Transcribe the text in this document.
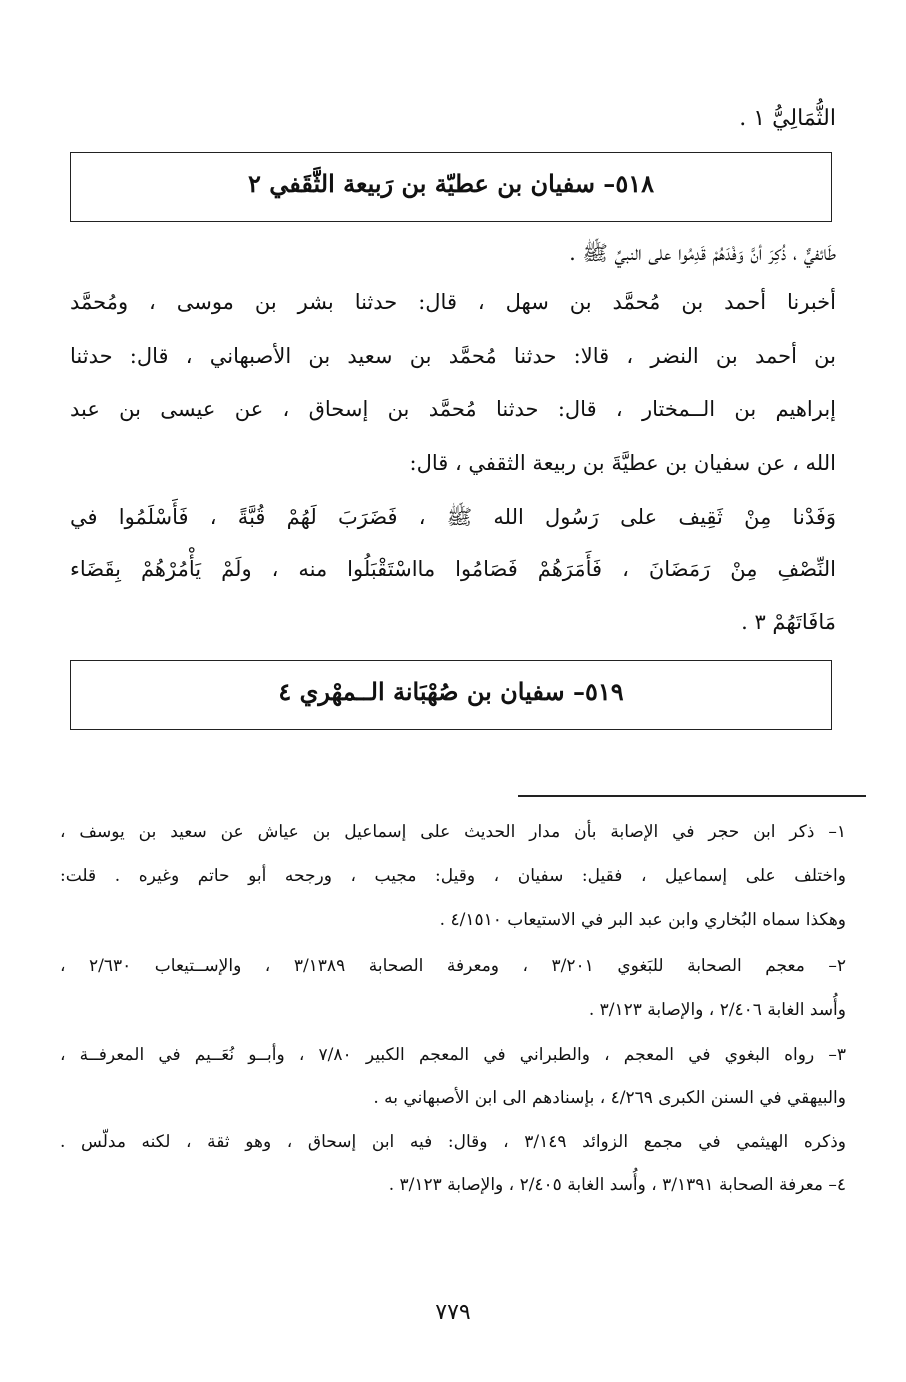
الثُّمَالِيُّ ١ .
٥١٨– سفيان بن عطيّة بن رَبيعة الثَّقَفي ٢
طَائفيٌّ ، ذُكِرَ أنَّ وَفْدَهُمْ قَدِمُوا على النبيِّ ﷺ .
أخبرنا أحمد بن مُحمَّد بن سهل ، قال: حدثنا بشر بن موسى ، ومُحمَّد
بن أحمد بن النضر ، قالا: حدثنا مُحمَّد بن سعيد بن الأصبهاني ، قال: حدثنا
إبراهيم بن الــمختار ، قال: حدثنا مُحمَّد بن إسحاق ، عن عيسى بن عبد
الله ، عن سفيان بن عطيَّةَ بن ربيعة الثقفي ، قال:
وَفَدْنا مِنْ ثَقِيف على رَسُول الله ﷺ ، فَضَرَبَ لَهُمْ قُبَّةً ، فَأَسْلَمُوا في
النِّصْفِ مِنْ رَمَضَانَ ، فَأَمَرَهُمْ فَصَامُوا مااسْتَقْبَلُوا منه ، ولَمْ يَأْمُرْهُمْ بِقَضَاء
مَافَاتَهُمْ ٣ .
٥١٩– سفيان بن صُهْبَانة الــمهْري ٤
١– ذكر ابن حجر في الإصابة بأن مدار الحديث على إسماعيل بن عياش عن سعيد بن يوسف ،
واختلف على إسماعيل ، فقيل: سفيان ، وقيل: مجيب ، ورجحه أبو حاتم وغيره . قلت:
وهكذا سماه البُخاري وابن عبد البر في الاستيعاب ٤/١٥١٠ .
٢– معجم الصحابة للبَغوي ٣/٢٠١ ، ومعرفة الصحابة ٣/١٣٨٩ ، والإســتيعاب ٢/٦٣٠ ،
وأُسد الغابة ٢/٤٠٦ ، والإصابة ٣/١٢٣ .
٣– رواه البغوي في المعجم ، والطبراني في المعجم الكبير ٧/٨٠ ، وأبــو نُعَــيم في المعرفــة ،
والبيهقي في السنن الكبرى ٤/٢٦٩ ، بإسنادهم الى ابن الأصبهاني به .
وذكره الهيثمي في مجمع الزوائد ٣/١٤٩ ، وقال: فيه ابن إسحاق ، وهو ثقة ، لكنه مدلّس .
٤– معرفة الصحابة ٣/١٣٩١ ، وأُسد الغابة ٢/٤٠٥ ، والإصابة ٣/١٢٣ .
٧٧٩
